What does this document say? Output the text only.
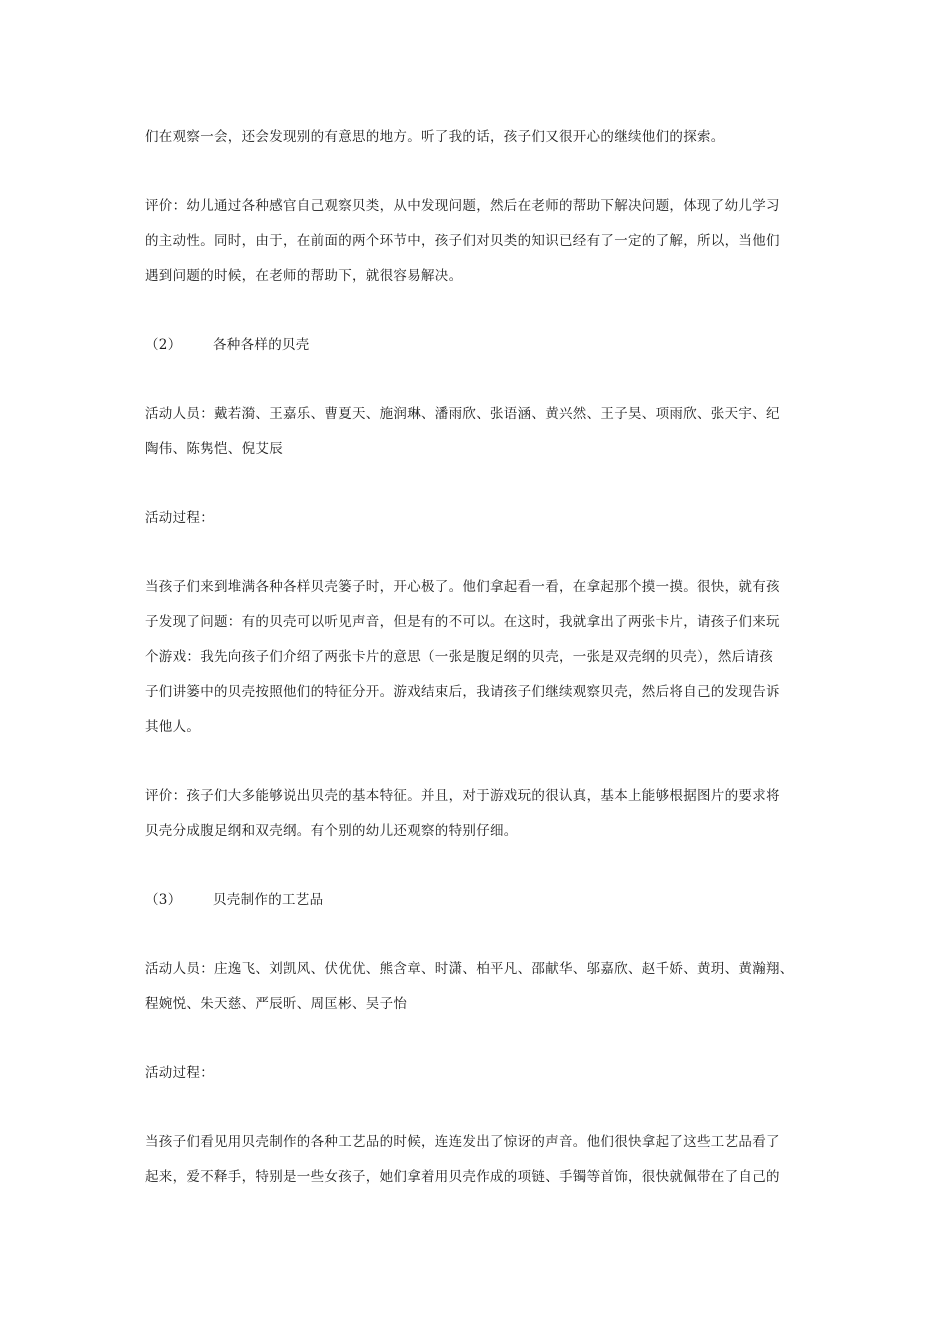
们在观察一会，还会发现别的有意思的地方。听了我的话，孩子们又很开心的继续他们的探索。
评价：幼儿通过各种感官自己观察贝类，从中发现问题，然后在老师的帮助下解决问题，体现了幼儿学习
的主动性。同时，由于，在前面的两个环节中，孩子们对贝类的知识已经有了一定的了解，所以，当他们
遇到问题的时候，在老师的帮助下，就很容易解决。
（2） 各种各样的贝壳
活动人员：戴若漪、王嘉乐、曹夏天、施润琳、潘雨欣、张语涵、黄兴然、王子昊、项雨欣、张天宇、纪
陶伟、陈隽恺、倪艾辰
活动过程：
当孩子们来到堆满各种各样贝壳篓子时，开心极了。他们拿起看一看，在拿起那个摸一摸。很快，就有孩
子发现了问题：有的贝壳可以听见声音，但是有的不可以。在这时，我就拿出了两张卡片，请孩子们来玩
个游戏：我先向孩子们介绍了两张卡片的意思（一张是腹足纲的贝壳，一张是双壳纲的贝壳），然后请孩
子们讲篓中的贝壳按照他们的特征分开。游戏结束后，我请孩子们继续观察贝壳，然后将自己的发现告诉
其他人。
评价：孩子们大多能够说出贝壳的基本特征。并且，对于游戏玩的很认真，基本上能够根据图片的要求将
贝壳分成腹足纲和双壳纲。有个别的幼儿还观察的特别仔细。
（3） 贝壳制作的工艺品
活动人员：庄逸飞、刘凯风、伏优优、熊含章、时潇、柏平凡、邵献华、邬嘉欣、赵千娇、黄玥、黄瀚翔、
程婉悦、朱天慈、严辰昕、周匡彬、吴子怡
活动过程：
当孩子们看见用贝壳制作的各种工艺品的时候，连连发出了惊讶的声音。他们很快拿起了这些工艺品看了
起来，爱不释手，特别是一些女孩子，她们拿着用贝壳作成的项链、手镯等首饰，很快就佩带在了自己的
